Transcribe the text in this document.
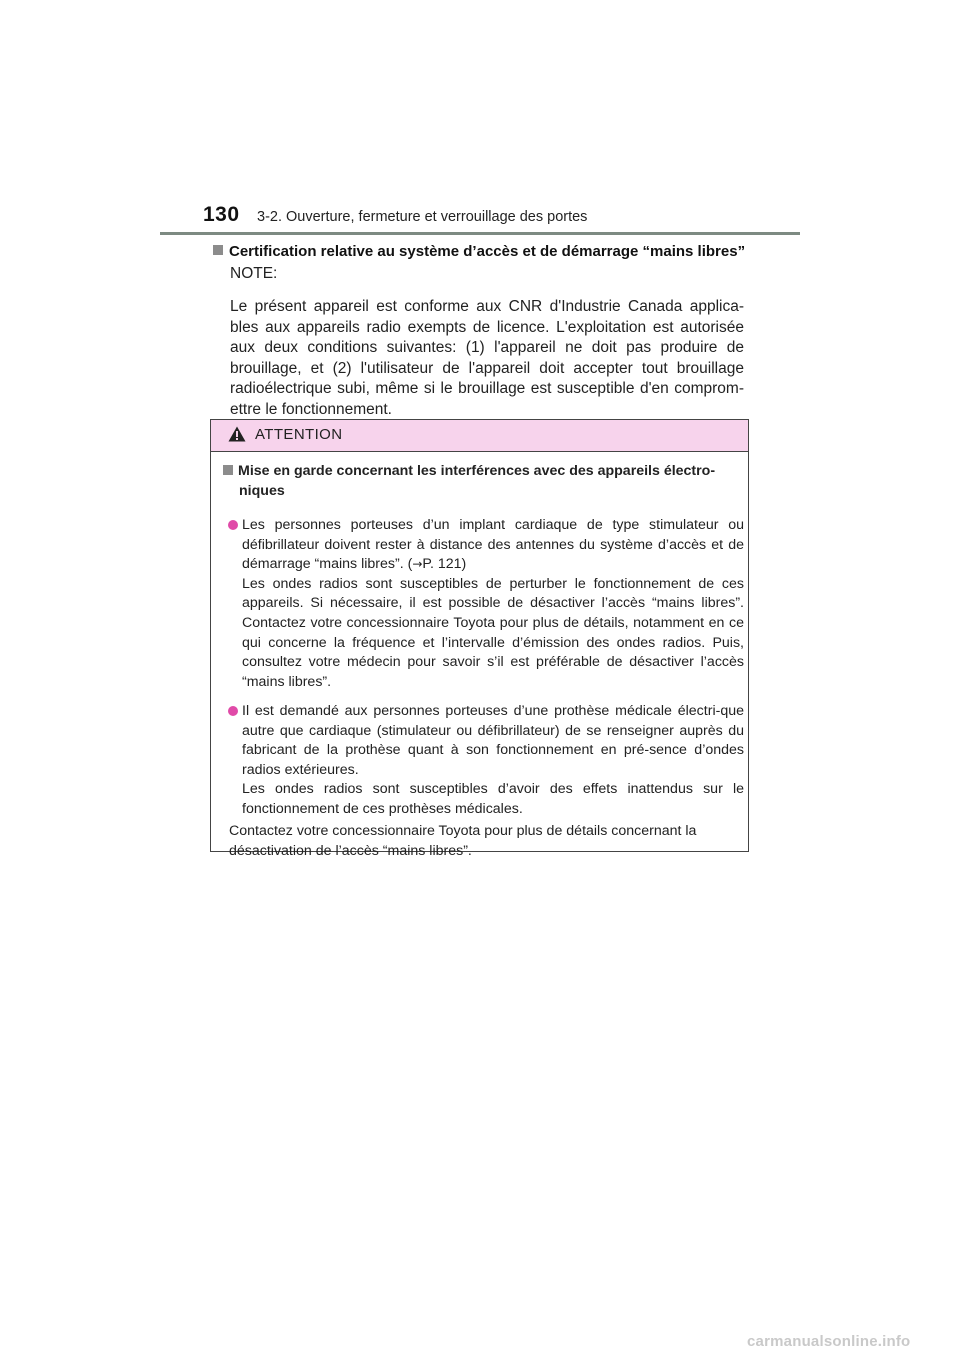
130 3-2. Ouverture, fermeture et verrouillage des portes
Certification relative au système d’accès et de démarrage “mains libres”
NOTE:
Le présent appareil est conforme aux CNR d'Industrie Canada applica-bles aux appareils radio exempts de licence. L'exploitation est autorisée aux deux conditions suivantes: (1) l'appareil ne doit pas produire de brouillage, et (2) l'utilisateur de l'appareil doit accepter tout brouillage radioélectrique subi, même si le brouillage est susceptible d'en comprom-ettre le fonctionnement.
ATTENTION
Mise en garde concernant les interférences avec des appareils électro-
niques

Les personnes porteuses d’un implant cardiaque de type stimulateur ou défibrillateur doivent rester à distance des antennes du système d’accès et de démarrage “mains libres”. (→P. 121)

Les ondes radios sont susceptibles de perturber le fonctionnement de ces appareils. Si nécessaire, il est possible de désactiver l’accès “mains libres”. Contactez votre concessionnaire Toyota pour plus de détails, notamment en ce qui concerne la fréquence et l’intervalle d’émission des ondes radios. Puis, consultez votre médecin pour savoir s’il est préférable de désactiver l’accès “mains libres”.

Il est demandé aux personnes porteuses d’une prothèse médicale électri-que autre que cardiaque (stimulateur ou défibrillateur) de se renseigner auprès du fabricant de la prothèse quant à son fonctionnement en pré-sence d’ondes radios extérieures.

Les ondes radios sont susceptibles d’avoir des effets inattendus sur le fonctionnement de ces prothèses médicales.

Contactez votre concessionnaire Toyota pour plus de détails concernant la désactivation de l’accès “mains libres”.

carmanualsonline.info
